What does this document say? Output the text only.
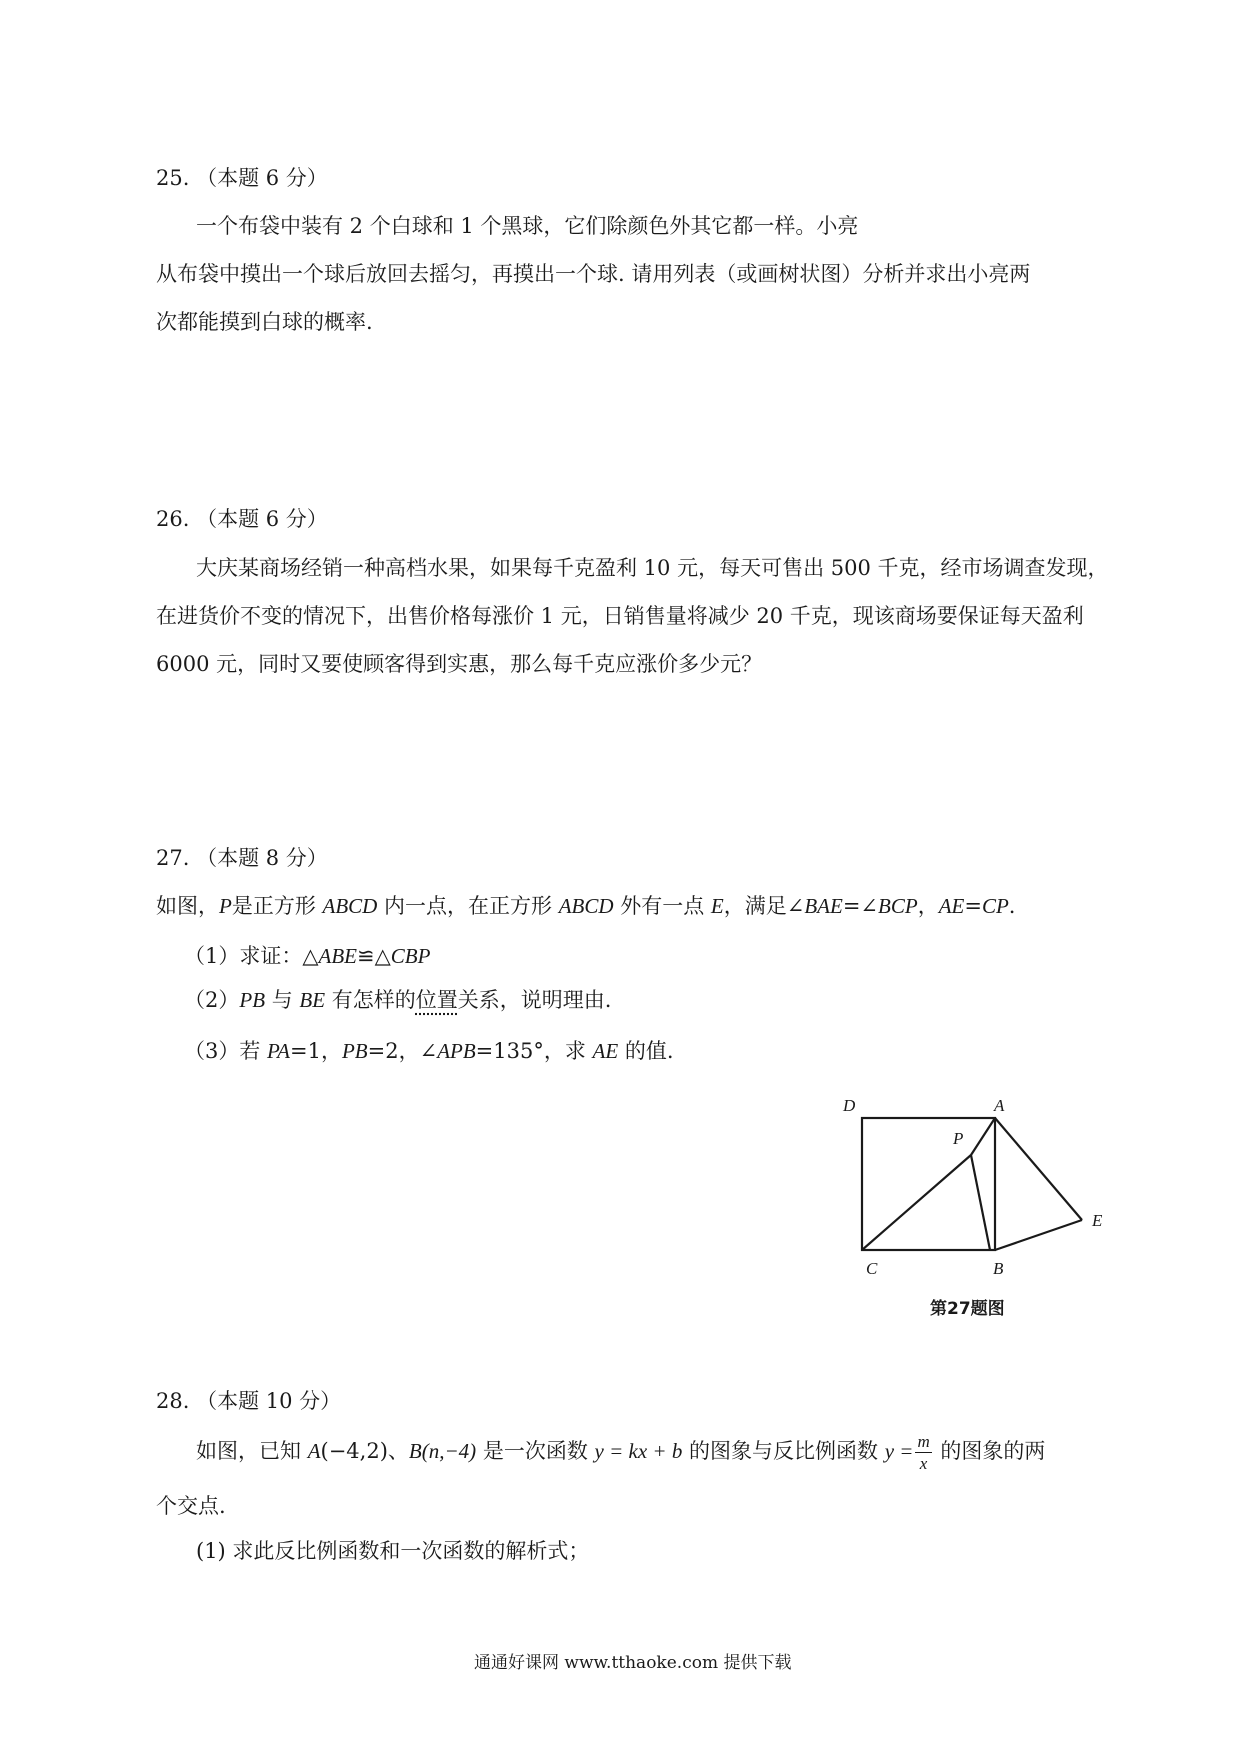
25. （本题 6 分）
一个布袋中装有 2 个白球和 1 个黑球，它们除颜色外其它都一样。小亮
从布袋中摸出一个球后放回去摇匀，再摸出一个球. 请用列表（或画树状图）分析并求出小亮两
次都能摸到白球的概率.
26. （本题 6 分）
大庆某商场经销一种高档水果，如果每千克盈利 10 元，每天可售出 500 千克，经市场调查发现，
在进货价不变的情况下，出售价格每涨价 1 元，日销售量将减少 20 千克，现该商场要保证每天盈利
6000 元，同时又要使顾客得到实惠，那么每千克应涨价多少元？
27. （本题 8 分）
如图，P是正方形 ABCD 内一点，在正方形 ABCD 外有一点 E，满足∠BAE=∠BCP，AE=CP.
（1）求证：△ABE≌△CBP
（2）PB 与 BE 有怎样的位置关系，说明理由.
（3）若 PA=1，PB=2，∠APB=135°，求 AE 的值.
D	A
P
E
C	B
第27题图
28. （本题 10 分）
如图，已知 A(−4,2)、B(n,−4) 是一次函数 y = kx + b 的图象与反比例函数 $y = \frac{m}{x}$ 的图象的两
个交点.
(1) 求此反比例函数和一次函数的解析式；
通通好课网 www.tthaoke.com 提供下载
